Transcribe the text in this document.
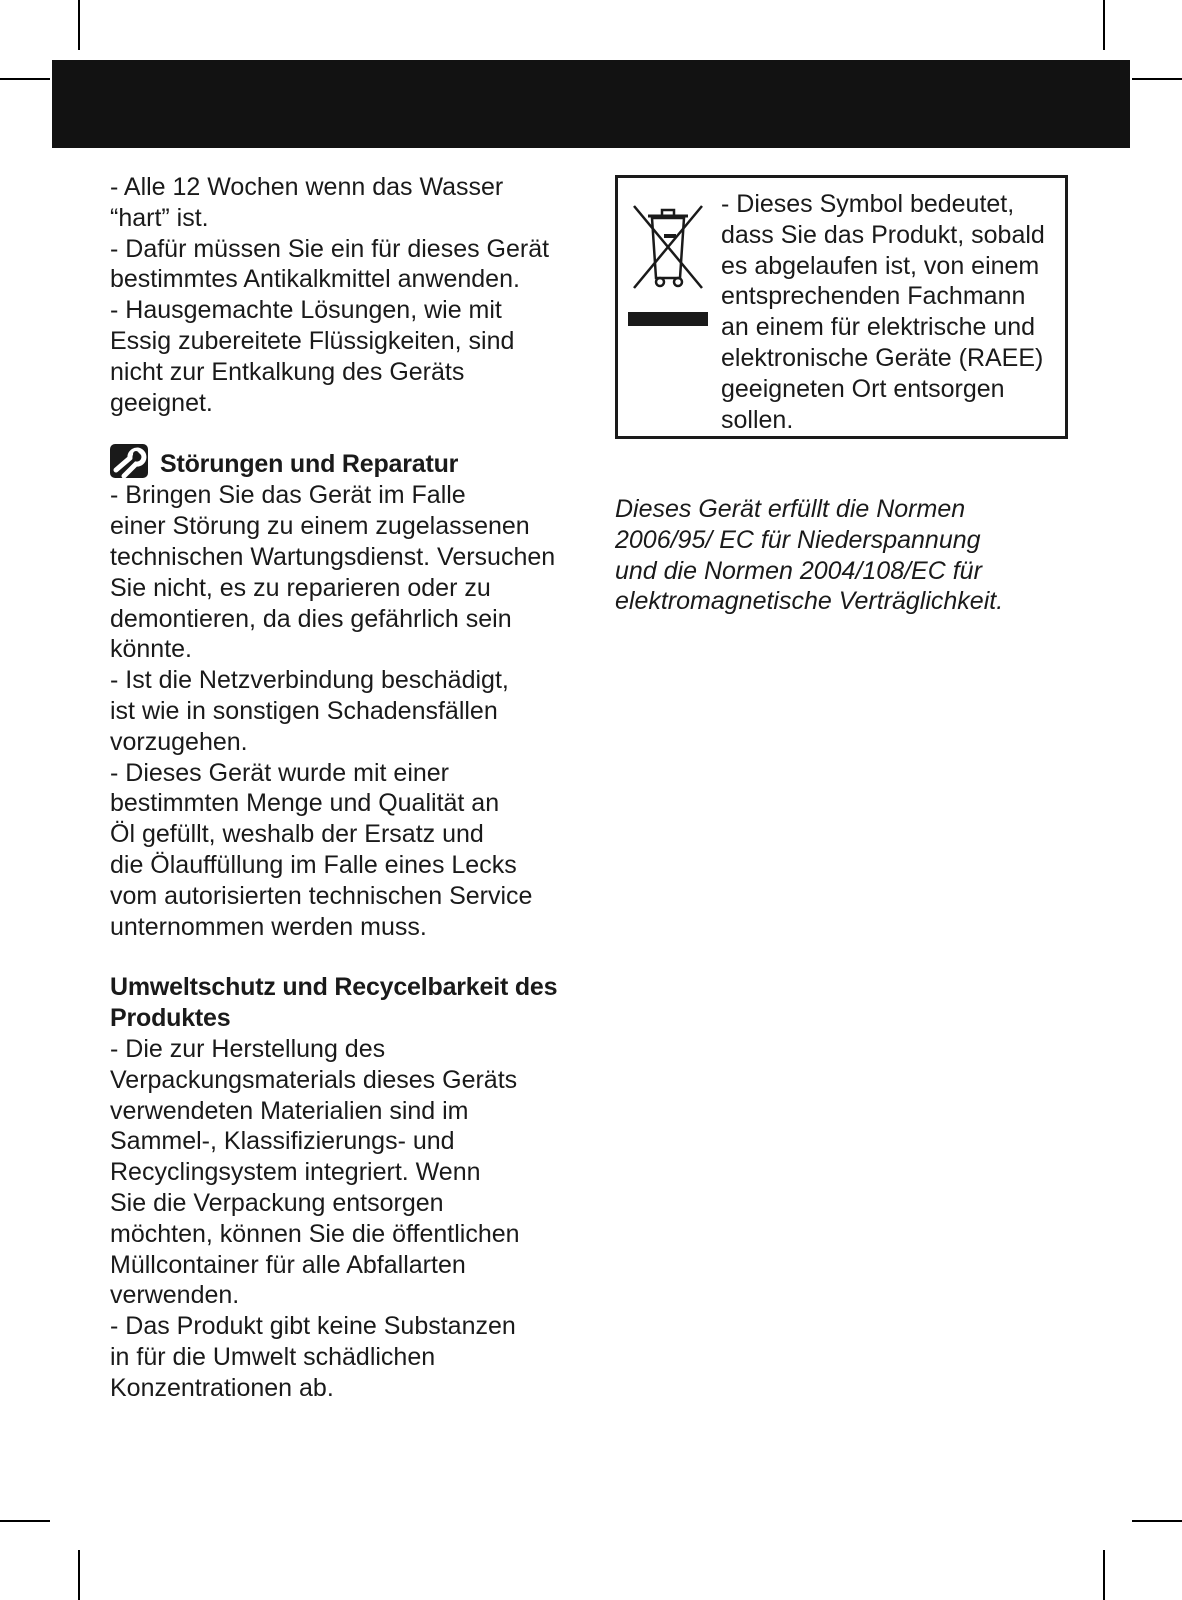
- Alle 12 Wochen wenn das Wasser

“hart” ist.

- Dafür müssen Sie ein für dieses Gerät

bestimmtes Antikalkmittel anwenden.

- Hausgemachte Lösungen, wie mit

Essig zubereitete Flüssigkeiten, sind

nicht zur Entkalkung des Geräts

geeignet.

Störungen und Reparatur

- Bringen Sie das Gerät im Falle

einer Störung zu einem zugelassenen

technischen Wartungsdienst. Versuchen

Sie nicht, es zu reparieren oder zu

demontieren, da dies gefährlich sein

könnte.

- Ist die Netzverbindung beschädigt,

ist wie in sonstigen Schadensfällen

vorzugehen.

- Dieses Gerät wurde mit einer

bestimmten Menge und Qualität an

Öl gefüllt, weshalb der Ersatz und

die Ölauffüllung im Falle eines Lecks

vom autorisierten technischen Service

unternommen werden muss.

Umweltschutz und Recycelbarkeit des

Produktes

- Die zur Herstellung des

Verpackungsmaterials dieses Geräts

verwendeten Materialien sind im

Sammel-, Klassifizierungs- und

Recyclingsystem integriert. Wenn

Sie die Verpackung entsorgen

möchten, können Sie die öffentlichen

Müllcontainer für alle Abfallarten

verwenden.

- Das Produkt gibt keine Substanzen

in für die Umwelt schädlichen

Konzentrationen ab.

- Dieses Symbol bedeutet,

dass Sie das Produkt, sobald

es abgelaufen ist, von einem

entsprechenden Fachmann

an einem für elektrische und

elektronische Geräte (RAEE)

geeigneten Ort entsorgen

sollen.

Dieses Gerät erfüllt die Normen

2006/95/ EC für Niederspannung

und die Normen 2004/108/EC für

elektromagnetische Verträglichkeit.
